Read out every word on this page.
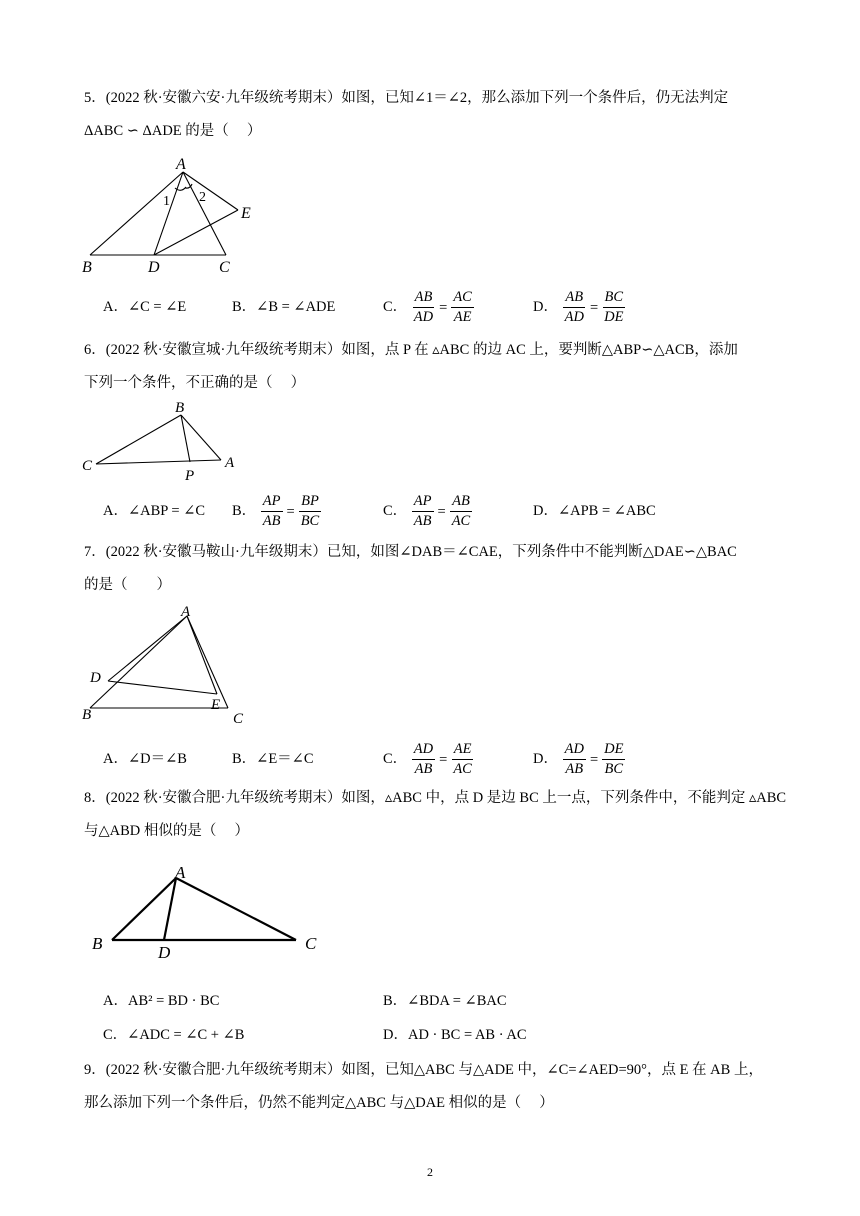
5．(2022 秋·安徽六安·九年级统考期末）如图，已知∠1＝∠2，那么添加下列一个条件后，仍无法判定
ΔABC ∽ ΔADE 的是（　 ）
A
B	D	C
E
1 2
A．∠C = ∠E	B．∠B = ∠ADE	C． $\frac{AB}{AD} = \frac{AC}{AE}$	D． $\frac{AB}{AD} = \frac{BC}{DE}$
6．(2022 秋·安徽宣城·九年级统考期末）如图，点 P 在 ▵ABC 的边 AC 上，要判断△ABP∽△ACB，添加
下列一个条件，不正确的是（　 ）
B
C
P
A
A．∠ABP = ∠C B． $\frac{AP}{AB} = \frac{BP}{BC}$	C． $\frac{AP}{AB} = \frac{AB}{AC}$	D．∠APB = ∠ABC
7．(2022 秋·安徽马鞍山·九年级期末）已知，如图∠DAB＝∠CAE，下列条件中不能判断△DAE∽△BAC
的是（　　）
A
D
B
E
C
A．∠D＝∠B	B．∠E＝∠C	C． $\frac{AD}{AB} = \frac{AE}{AC}$	D． $\frac{AD}{AB} = \frac{DE}{BC}$
8．(2022 秋·安徽合肥·九年级统考期末）如图，▵ABC 中，点 D 是边 BC 上一点，下列条件中，不能判定 ▵ABC
与△ABD 相似的是（　 ）
A
B	D	C
A．AB² = BD · BC	B．∠BDA = ∠BAC
C．∠ADC = ∠C + ∠B	D．AD · BC = AB · AC
9．(2022 秋·安徽合肥·九年级统考期末）如图，已知△ABC 与△ADE 中，∠C=∠AED=90°，点 E 在 AB 上，
那么添加下列一个条件后，仍然不能判定△ABC 与△DAE 相似的是（　 ）
2
